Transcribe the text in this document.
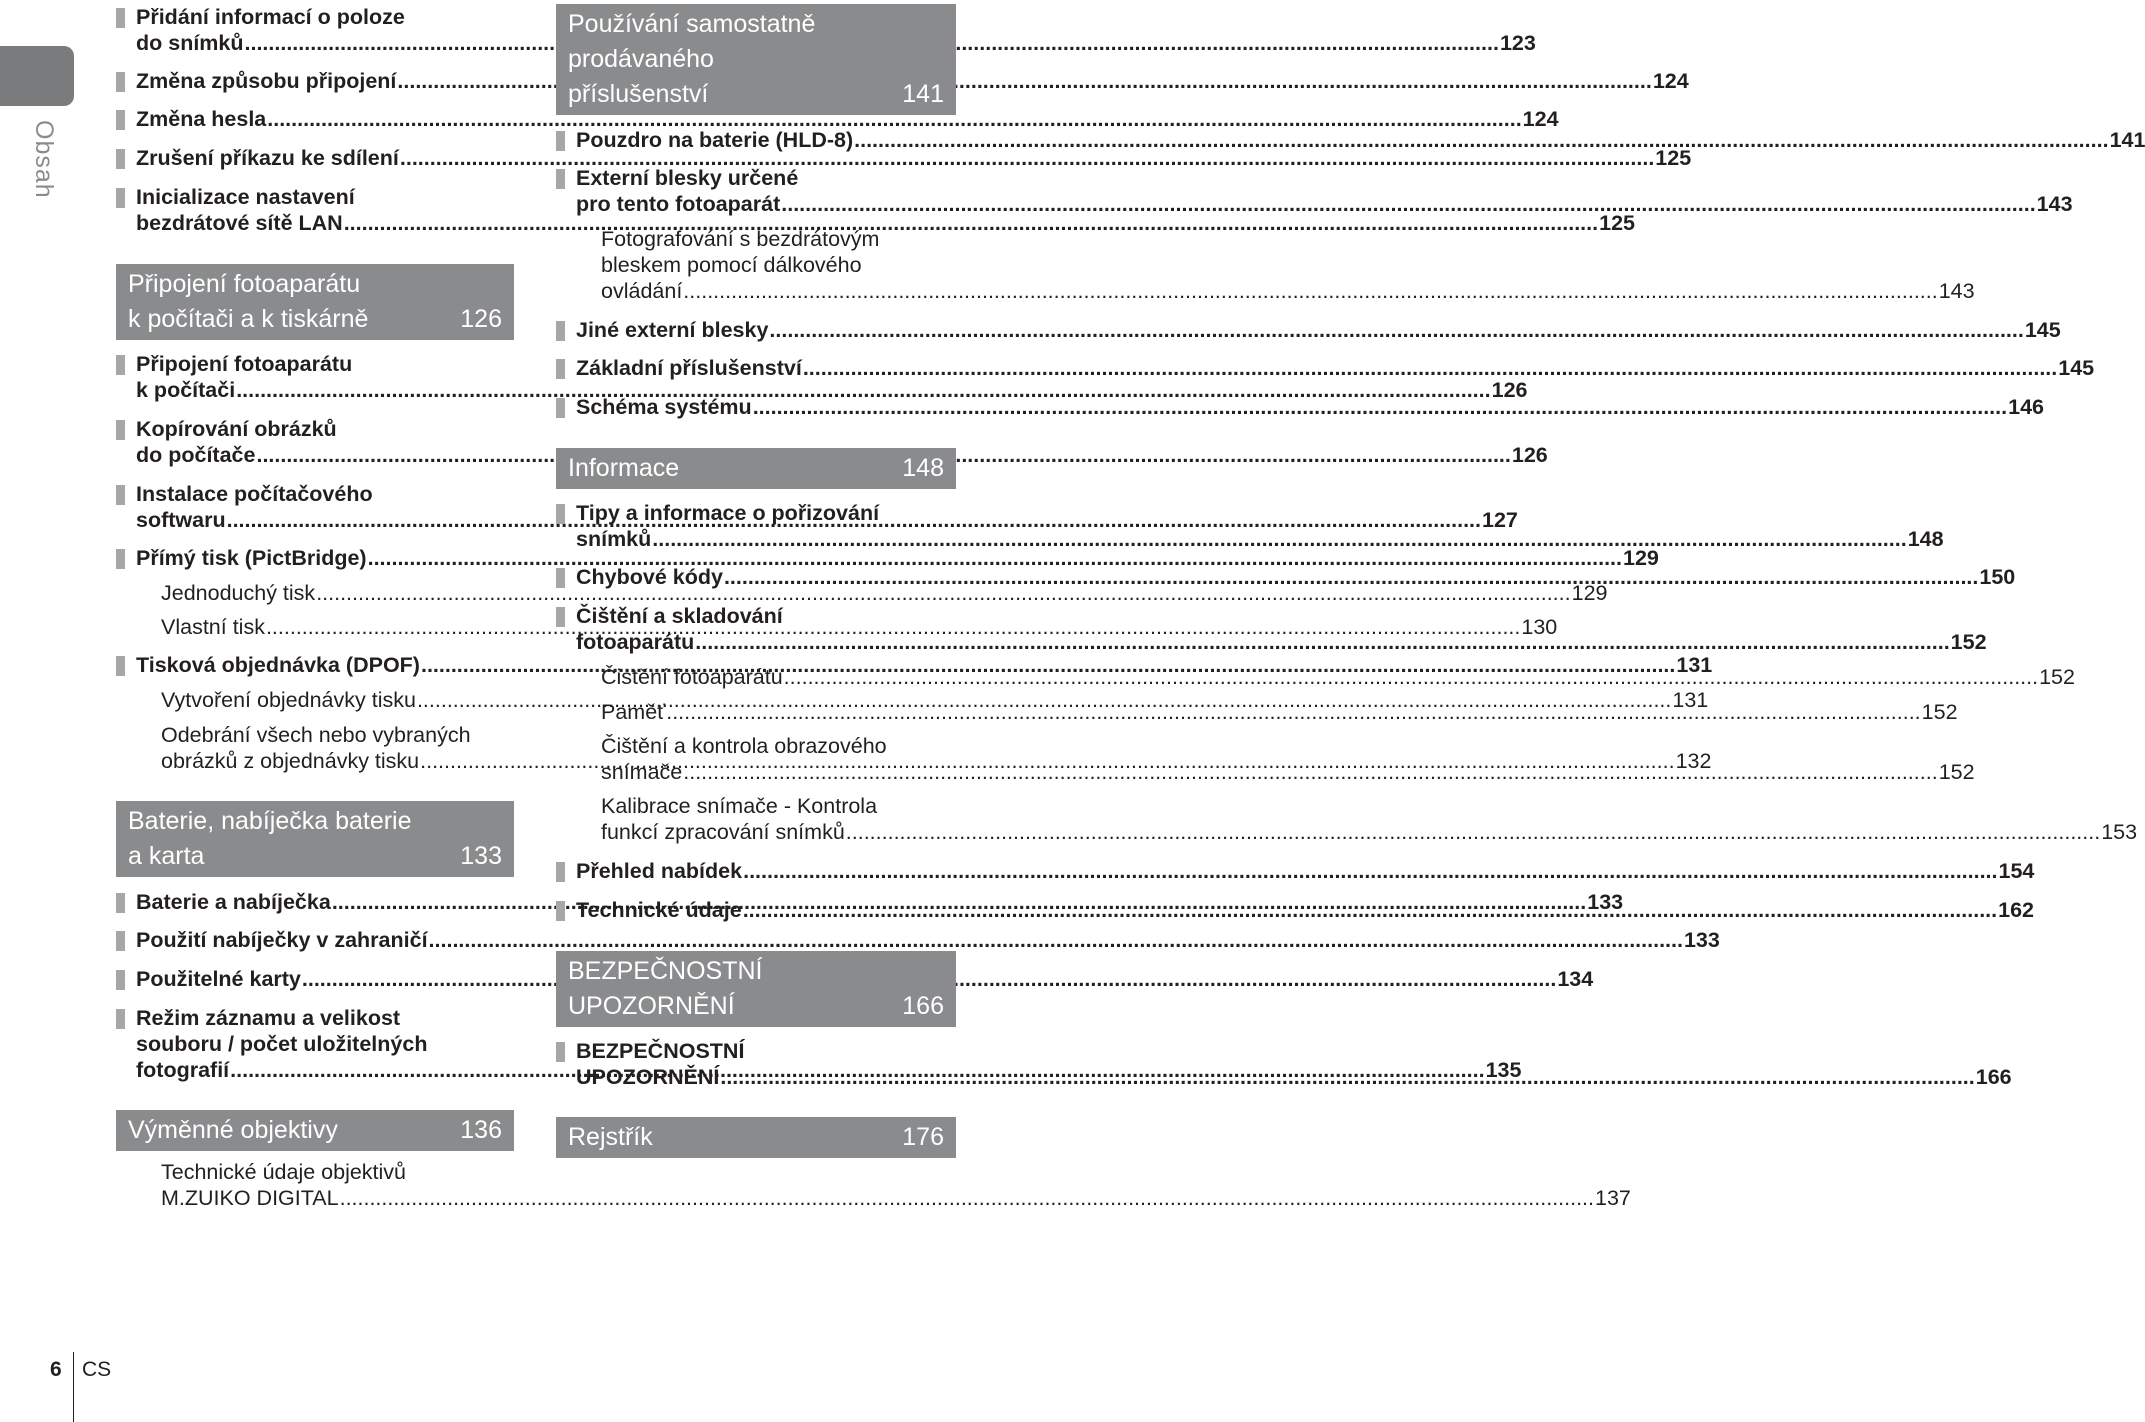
Obsah
Přidání informací o poloze
do snímků .....	123
Změna způsobu připojení .....	124
Změna hesla .....	124
Zrušení příkazu ke sdílení .....	125
Inicializace nastavení
bezdrátové sítě LAN .....	125
Připojení fotoaparátu
k počítači a k tiskárně	126
Připojení fotoaparátu
k počítači .....	126
Kopírování obrázků
do počítače .....	126
Instalace počítačového
softwaru .....	127
Přímý tisk (PictBridge) .....	129
Jednoduchý tisk .....	129
Vlastní tisk .....	130
Tisková objednávka (DPOF) .....	131
Vytvoření objednávky tisku .....	131
Odebrání všech nebo vybraných
obrázků z objednávky tisku .....	132
Baterie, nabíječka baterie
a karta	133
Baterie a nabíječka .....	133
Použití nabíječky v zahraničí .....	133
Použitelné karty .....	134
Režim záznamu a velikost
souboru / počet uložitelných
fotografií .....	135
Výměnné objektivy	136
Technické údaje objektivů
M.ZUIKO DIGITAL .....	137
Používání samostatně
prodávaného
příslušenství	141
Pouzdro na baterie (HLD-8) .....	141
Externí blesky určené
pro tento fotoaparát .....	143
Fotografování s bezdrátovým
bleskem pomocí dálkového
ovládání .....	143
Jiné externí blesky .....	145
Základní příslušenství .....	145
Schéma systému .....	146
Informace	148
Tipy a informace o pořizování
snímků .....	148
Chybové kódy .....	150
Čištění a skladování
fotoaparátu .....	152
Čistění fotoaparátu .....	152
Paměť .....	152
Čištění a kontrola obrazového
snímače .....	152
Kalibrace snímače - Kontrola
funkcí zpracování snímků .....	153
Přehled nabídek .....	154
Technické údaje .....	162
BEZPEČNOSTNÍ
UPOZORNĚNÍ	166
BEZPEČNOSTNÍ
UPOZORNĚNÍ .....	166
Rejstřík	176
6 CS
